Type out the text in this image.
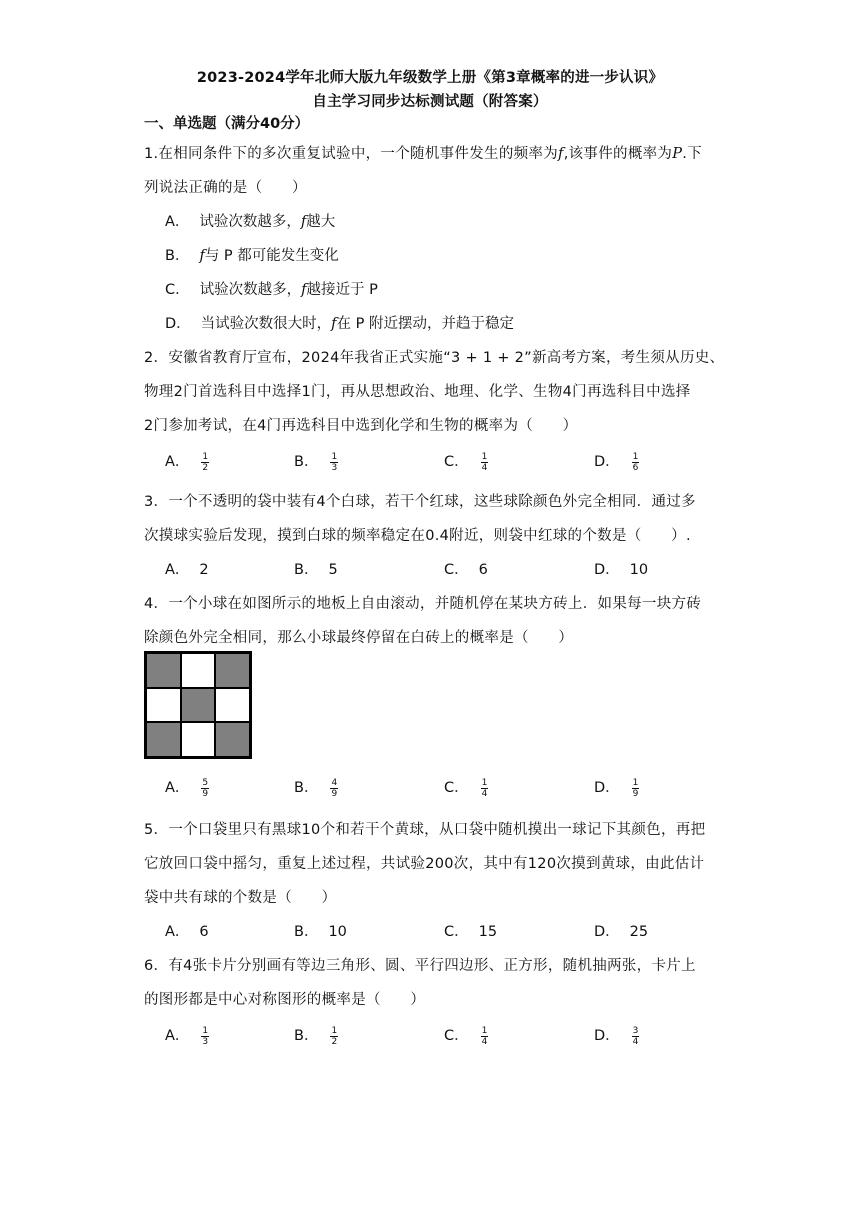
2023-2024学年北师大版九年级数学上册《第3章概率的进一步认识》
自主学习同步达标测试题（附答案）
一、单选题（满分40分）
1.在相同条件下的多次重复试验中，一个随机事件发生的频率为f,该事件的概率为P.下
列说法正确的是（　　）
A． 试验次数越多，f越大
B． f与 P 都可能发生变化
C． 试验次数越多，f越接近于 P
D． 当试验次数很大时，f在 P 附近摆动，并趋于稳定
2．安徽省教育厅宣布，2024年我省正式实施“3 + 1 + 2”新高考方案，考生须从历史、
物理2门首选科目中选择1门，再从思想政治、地理、化学、生物4门再选科目中选择
2门参加考试，在4门再选科目中选到化学和生物的概率为（　　）
A． $\frac{1}{2}$	B． $\frac{1}{3}$	C． $\frac{1}{4}$	D． $\frac{1}{6}$
3．一个不透明的袋中装有4个白球，若干个红球，这些球除颜色外完全相同．通过多
次摸球实验后发现，摸到白球的频率稳定在0.4附近，则袋中红球的个数是（　　）.
A． 2	B． 5	C． 6	D． 10
4．一个小球在如图所示的地板上自由滚动，并随机停在某块方砖上．如果每一块方砖
除颜色外完全相同，那么小球最终停留在白砖上的概率是（　　）
A． $\frac{5}{9}$	B． $\frac{4}{9}$	C． $\frac{1}{4}$	D． $\frac{1}{9}$
5．一个口袋里只有黑球10个和若干个黄球，从口袋中随机摸出一球记下其颜色，再把
它放回口袋中摇匀，重复上述过程，共试验200次，其中有120次摸到黄球，由此估计
袋中共有球的个数是（　　）
A． 6	B． 10	C． 15	D． 25
6．有4张卡片分别画有等边三角形、圆、平行四边形、正方形，随机抽两张，卡片上
的图形都是中心对称图形的概率是（　　）
A． $\frac{1}{3}$	B． $\frac{1}{2}$	C． $\frac{1}{4}$	D． $\frac{3}{4}$
